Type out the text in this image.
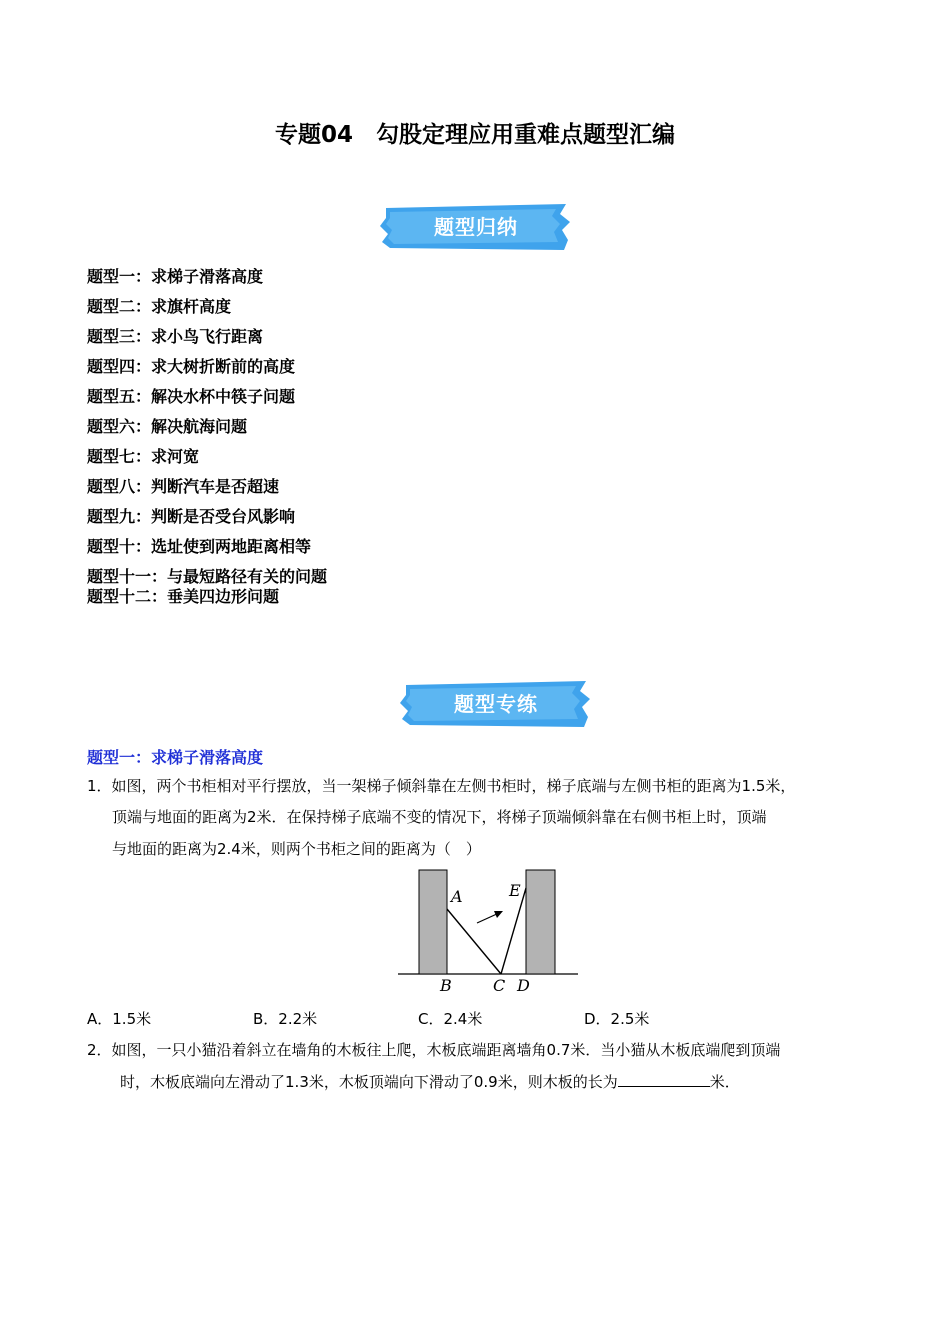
专题04　勾股定理应用重难点题型汇编
题型归纳
题型一：求梯子滑落高度
题型二：求旗杆高度
题型三：求小鸟飞行距离
题型四：求大树折断前的高度
题型五：解决水杯中筷子问题
题型六：解决航海问题
题型七：求河宽
题型八：判断汽车是否超速
题型九：判断是否受台风影响
题型十：选址使到两地距离相等
题型十一：与最短路径有关的问题
题型十二：垂美四边形问题
题型专练
题型一：求梯子滑落高度
1．如图，两个书柜相对平行摆放，当一架梯子倾斜靠在左侧书柜时，梯子底端与左侧书柜的距离为1.5米，
顶端与地面的距离为2米．在保持梯子底端不变的情况下，将梯子顶端倾斜靠在右侧书柜上时，顶端
与地面的距离为2.4米，则两个书柜之间的距离为（　）
A	E
B	C D
A．1.5米	B．2.2米	C．2.4米	D．2.5米
2．如图，一只小猫沿着斜立在墙角的木板往上爬，木板底端距离墙角0.7米．当小猫从木板底端爬到顶端
时，木板底端向左滑动了1.3米，木板顶端向下滑动了0.9米，则木板的长为	米．
